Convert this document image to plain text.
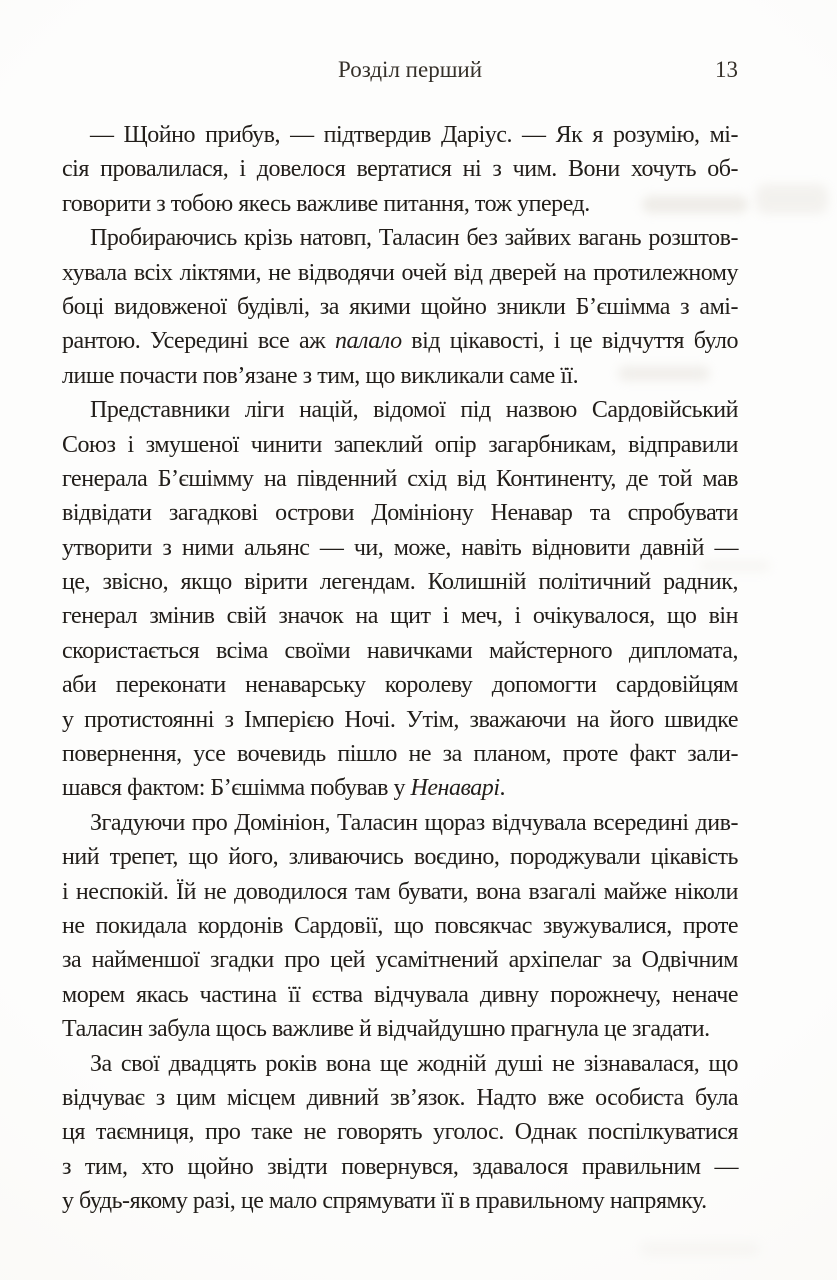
Розділ перший	13
— Щойно прибув, — підтвердив Даріус. — Як я розумію, мі-
сія провалилася, і довелося вертатися ні з чим. Вони хочуть об-
говорити з тобою якесь важливе питання, тож уперед.
Пробираючись крізь натовп, Таласин без зайвих вагань розштов-
хувала всіх ліктями, не відводячи очей від дверей на протилежному
боці видовженої будівлі, за якими щойно зникли Б’єшімма з амі-
рантою. Усередині все аж палало від цікавості, і це відчуття було
лише почасти пов’язане з тим, що викликали саме її.
Представники ліги націй, відомої під назвою Сардовійський
Союз і змушеної чинити запеклий опір загарбникам, відправили
генерала Б’єшімму на південний схід від Континенту, де той мав
відвідати загадкові острови Домініону Ненавар та спробувати
утворити з ними альянс — чи, може, навіть відновити давній —
це, звісно, якщо вірити легендам. Колишній політичний радник,
генерал змінив свій значок на щит і меч, і очікувалося, що він
скористається всіма своїми навичками майстерного дипломата,
аби переконати ненаварську королеву допомогти сардовійцям
у протистоянні з Імперією Ночі. Утім, зважаючи на його швидке
повернення, усе вочевидь пішло не за планом, проте факт зали-
шався фактом: Б’єшімма побував у Ненаварі.
Згадуючи про Домініон, Таласин щораз відчувала всередині див-
ний трепет, що його, зливаючись воєдино, породжували цікавість
і неспокій. Їй не доводилося там бувати, вона взагалі майже ніколи
не покидала кордонів Сардовії, що повсякчас звужувалися, проте
за найменшої згадки про цей усамітнений архіпелаг за Одвічним
морем якась частина її єства відчувала дивну порожнечу, неначе
Таласин забула щось важливе й відчайдушно прагнула це згадати.
За свої двадцять років вона ще жодній душі не зізнавалася, що
відчуває з цим місцем дивний зв’язок. Надто вже особиста була
ця таємниця, про таке не говорять уголос. Однак поспілкуватися
з тим, хто щойно звідти повернувся, здавалося правильним —
у будь-якому разі, це мало спрямувати її в правильному напрямку.
